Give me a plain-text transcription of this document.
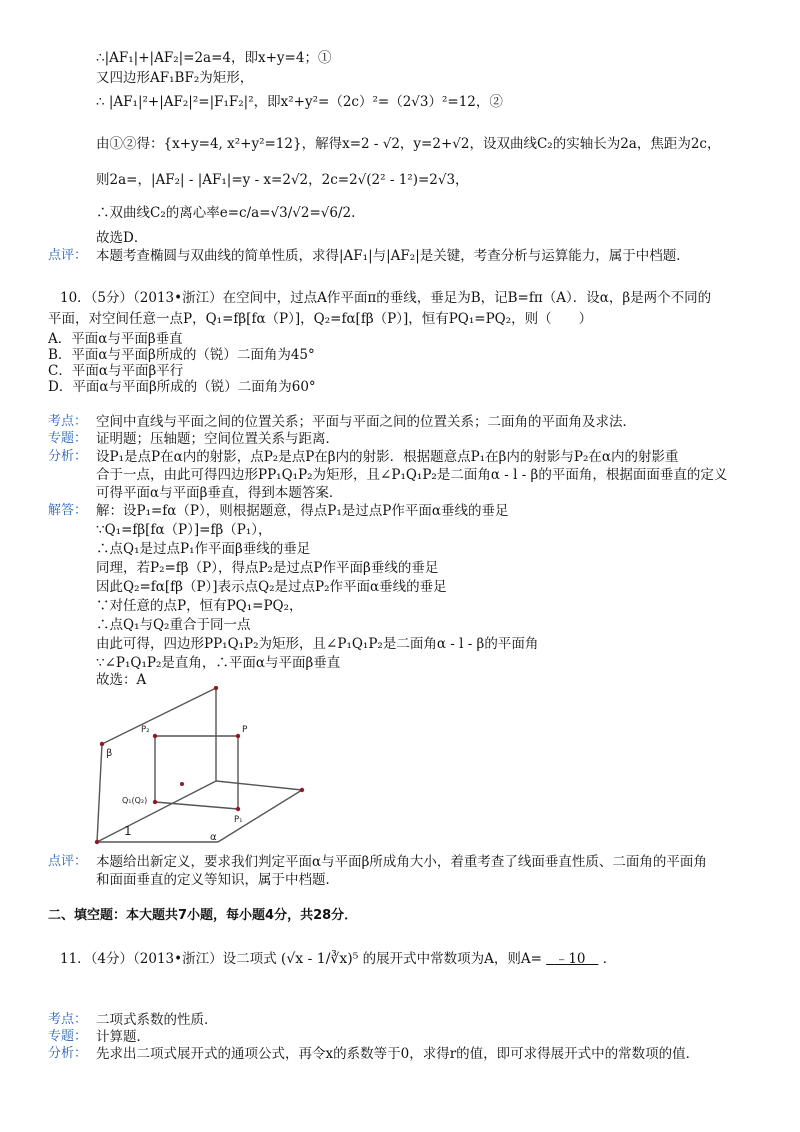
∴|AF₁|+|AF₂|=2a=4，即x+y=4；①
又四边形AF₁BF₂为矩形，
∴ |AF₁|²+|AF₂|²=|F₁F₂|²，即x²+y²=（2c）²=（2√3）²=12，②
由①②得：{x+y=4, x²+y²=12}，解得x=2 - √2，y=2+√2，设双曲线C₂的实轴长为2a，焦距为2c，
则2a=，|AF₂| - |AF₁|=y - x=2√2，2c=2√(2² - 1²)=2√3，
∴双曲线C₂的离心率e=c/a=√3/√2=√6/2.
故选D．
点评： 本题考查椭圆与双曲线的简单性质，求得|AF₁|与|AF₂|是关键，考查分析与运算能力，属于中档题．
10．（5分）（2013•浙江）在空间中，过点A作平面π的垂线，垂足为B，记B=fπ（A）．设α，β是两个不同的
平面，对空间任意一点P，Q₁=fβ[fα（P）]，Q₂=fα[fβ（P）]，恒有PQ₁=PQ₂，则（　　）
A．平面α与平面β垂直
B．平面α与平面β所成的（锐）二面角为45°
C．平面α与平面β平行
D．平面α与平面β所成的（锐）二面角为60°
考点： 空间中直线与平面之间的位置关系；平面与平面之间的位置关系；二面角的平面角及求法．
专题： 证明题；压轴题；空间位置关系与距离．
分析： 设P₁是点P在α内的射影，点P₂是点P在β内的射影．根据题意点P₁在β内的射影与P₂在α内的射影重
合于一点，由此可得四边形PP₁Q₁P₂为矩形，且∠P₁Q₁P₂是二面角α - l - β的平面角，根据面面垂直的定义
可得平面α与平面β垂直，得到本题答案．
解答： 解：设P₁=fα（P），则根据题意，得点P₁是过点P作平面α垂线的垂足
∵Q₁=fβ[fα（P）]=fβ（P₁），
∴点Q₁是过点P₁作平面β垂线的垂足
同理，若P₂=fβ（P），得点P₂是过点P作平面β垂线的垂足
因此Q₂=fα[fβ（P）]表示点Q₂是过点P₂作平面α垂线的垂足
∵对任意的点P，恒有PQ₁=PQ₂，
∴点Q₁与Q₂重合于同一点
由此可得，四边形PP₁Q₁P₂为矩形，且∠P₁Q₁P₂是二面角α - l - β的平面角
∵∠P₁Q₁P₂是直角，∴平面α与平面β垂直
故选：A
β
P₂	P
P₁
Q₁(Q₂)
1	α
点评： 本题给出新定义，要求我们判定平面α与平面β所成角大小，着重考查了线面垂直性质、二面角的平面角
和面面垂直的定义等知识，属于中档题．
二、填空题：本大题共7小题，每小题4分，共28分．
11．（4分）（2013•浙江）设二项式 (√x - 1/∛x)⁵ 的展开式中常数项为A，则A= ﹣10 ．
考点： 二项式系数的性质．
专题： 计算题．
分析： 先求出二项式展开式的通项公式，再令x的系数等于0，求得r的值，即可求得展开式中的常数项的值．
